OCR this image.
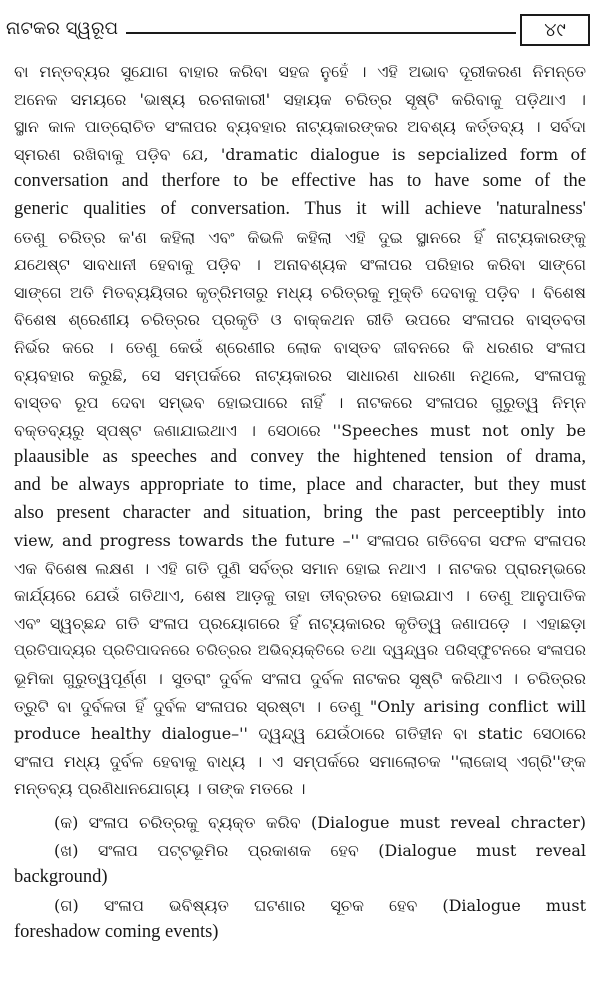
ନାଟକର ସ୍ୱରୂପ	୪୯
ବା ମନ୍ତବ୍ୟର ସୁଯୋଗ ବାହାର କରିବା ସହଜ ନୁହେଁ । ଏହି ଅଭାବ ଦୂରୀକରଣ ନିମନ୍ତେ
ଅନେକ ସମୟରେ 'ଭାଷ୍ୟ ରଚନାକାରୀ' ସହାୟକ ଚରିତ୍ର ସୃଷ୍ଟି କରିବାକୁ ପଡ଼ିଥାଏ ।
ସ୍ଥାନ କାଳ ପାତ୍ରୋଚିତ ସଂଳାପର ବ୍ୟବହାର ନାଟ୍ୟକାରଙ୍କର ଅବଶ୍ୟ କର୍ତ୍ତବ୍ୟ । ସର୍ବଦା
ସ୍ମରଣ ରଖିବାକୁ ପଡ଼ିବ ଯେ, 'dramatic dialogue is sepcialized form of
conversation and therfore to be effective has to have some of the
generic qualities of conversation. Thus it will achieve 'naturalness'
ତେଣୁ ଚରିତ୍ର କ'ଣ କହିଲା ଏବଂ କିଭଳି କହିଲା ଏହି ଦୁଇ ସ୍ଥାନରେ ହିଁ ନାଟ୍ୟକାରଙ୍କୁ
ଯଥେଷ୍ଟ ସାବଧାନୀ ହେବାକୁ ପଡ଼ିବ । ଅନାବଶ୍ୟକ ସଂଳାପର ପରିହାର କରିବା ସାଙ୍ଗେ
ସାଙ୍ଗେ ଅତି ମିତବ୍ୟୟିତାର କୃତ୍ରିମତାରୁ ମଧ୍ୟ ଚରିତ୍ରକୁ ମୁକ୍ତି ଦେବାକୁ ପଡ଼ିବ । ବିଶେଷ
ବିଶେଷ ଶ୍ରେଣୀୟ ଚରିତ୍ରର ପ୍ରକୃତି ଓ ବାକ୍‌କଥନ ରୀତି ଉପରେ ସଂଳାପର ବାସ୍ତବତା
ନିର୍ଭର କରେ । ତେଣୁ କେଉଁ ଶ୍ରେଣୀର ଲୋକ ବାସ୍ତବ ଜୀବନରେ କି ଧରଣର ସଂଳାପ
ବ୍ୟବହାର କରୁଛି, ସେ ସମ୍ପର୍କରେ ନାଟ୍ୟକାରର ସାଧାରଣ ଧାରଣା ନଥିଲେ, ସଂଳାପକୁ
ବାସ୍ତବ ରୂପ ଦେବା ସମ୍ଭବ ହୋଇପାରେ ନାହିଁ । ନାଟକରେ ସଂଳାପର ଗୁରୁତ୍ୱ ନିମ୍ନ
ବକ୍ତବ୍ୟରୁ ସ୍ପଷ୍ଟ ଜଣାଯାଇଥାଏ । ସେଠାରେ ''Speeches must not only be
plaausible as speeches and convey the hightened tension of drama,
and be always appropriate to time, place and character, but they must
also present character and situation, bring the past perceeptibly into
view, and progress towards the future –'' ସଂଳାପର ଗତିବେଗ ସଫଳ ସଂଳାପର
ଏକ ବିଶେଷ ଲକ୍ଷଣ । ଏହି ଗତି ପୁଣି ସର୍ବତ୍ର ସମାନ ହୋଇ ନଥାଏ । ନାଟକର ପ୍ରାରମ୍ଭରେ
କାର୍ଯ୍ୟରେ ଯେଉଁ ଗତିଥାଏ, ଶେଷ ଆଡ଼କୁ ତାହା ତୀବ୍ରତର ହୋଇଯାଏ । ତେଣୁ ଆନୁପାତିକ
ଏବଂ ସ୍ୱଚ୍ଛନ୍ଦ ଗତି ସଂଳାପ ପ୍ରୟୋଗରେ ହିଁ ନାଟ୍ୟକାରର କୃତିତ୍ୱ ଜଣାପଡ଼େ । ଏହାଛଡ଼ା
ପ୍ରତିପାଦ୍ୟର ପ୍ରତିପାଦନରେ ଚରିତ୍ରର ଅଭିବ୍ୟକ୍ତିରେ ତଥା ଦ୍ୱନ୍ଦ୍ୱର ପରିସ୍ଫୁଟନରେ ସଂଳାପର
ଭୂମିକା ଗୁରୁତ୍ୱପୂର୍ଣ୍ଣ । ସୁତରାଂ ଦୁର୍ବଳ ସଂଳାପ ଦୁର୍ବଳ ନାଟକର ସୃଷ୍ଟି କରିଥାଏ । ଚରିତ୍ରର
ତ୍ରୁଟି ବା ଦୁର୍ବଳତା ହିଁ ଦୁର୍ବଳ ସଂଳାପର ସ୍ରଷ୍ଟା । ତେଣୁ "Only arising conflict will
produce healthy dialogue–'' ଦ୍ୱନ୍ଦ୍ୱ ଯେଉଁଠାରେ ଗତିହୀନ ବା static ସେଠାରେ
ସଂଳାପ ମଧ୍ୟ ଦୁର୍ବଳ ହେବାକୁ ବାଧ୍ୟ । ଏ ସମ୍ପର୍କରେ ସମାଲୋଚକ ''ଲାଜୋସ୍ ଏଗ୍ରି''ଙ୍କ
ମନ୍ତବ୍ୟ ପ୍ରଣିଧାନଯୋଗ୍ୟ । ତାଙ୍କ ମତରେ ।
(କ) ସଂଳାପ ଚରିତ୍ରକୁ ବ୍ୟକ୍ତ କରିବ (Dialogue must reveal chracter)
(ଖ) ସଂଳାପ ପଟ୍ଟଭୂମିର ପ୍ରକାଶକ ହେବ (Dialogue must reveal
background)
(ଗ) ସଂଳାପ ଭବିଷ୍ୟତ ଘଟଣାର ସୂଚକ ହେବ (Dialogue must
foreshadow coming events)
